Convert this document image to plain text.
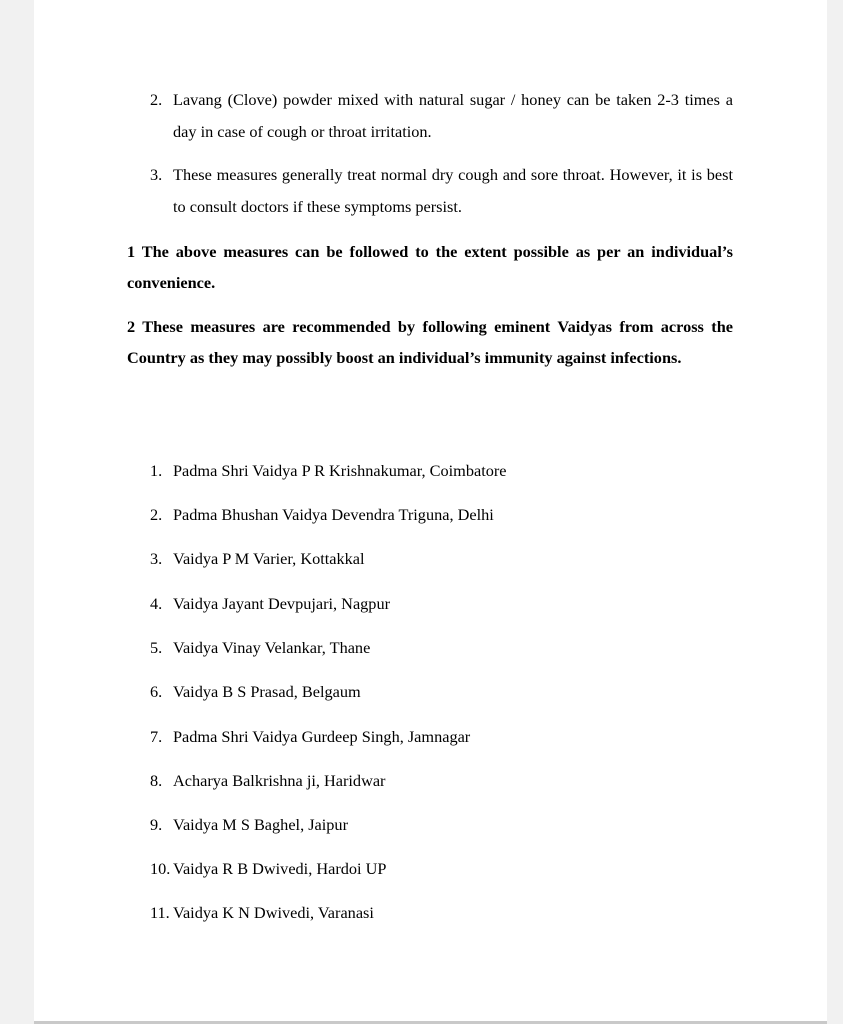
2. Lavang (Clove) powder mixed with natural sugar / honey can be taken 2-3 times a day in case of cough or throat irritation.
3. These measures generally treat normal dry cough and sore throat. However, it is best to consult doctors if these symptoms persist.
1 The above measures can be followed to the extent possible as per an individual’s convenience.
2 These measures are recommended by following eminent Vaidyas from across the Country as they may possibly boost an individual’s immunity against infections.
1. Padma Shri Vaidya P R Krishnakumar, Coimbatore
2. Padma Bhushan Vaidya Devendra Triguna, Delhi
3. Vaidya P M Varier, Kottakkal
4. Vaidya Jayant Devpujari, Nagpur
5. Vaidya Vinay Velankar, Thane
6. Vaidya B S Prasad, Belgaum
7. Padma Shri Vaidya Gurdeep Singh, Jamnagar
8. Acharya Balkrishna ji, Haridwar
9. Vaidya M S Baghel, Jaipur
10. Vaidya R B Dwivedi, Hardoi UP
11. Vaidya K N Dwivedi, Varanasi
